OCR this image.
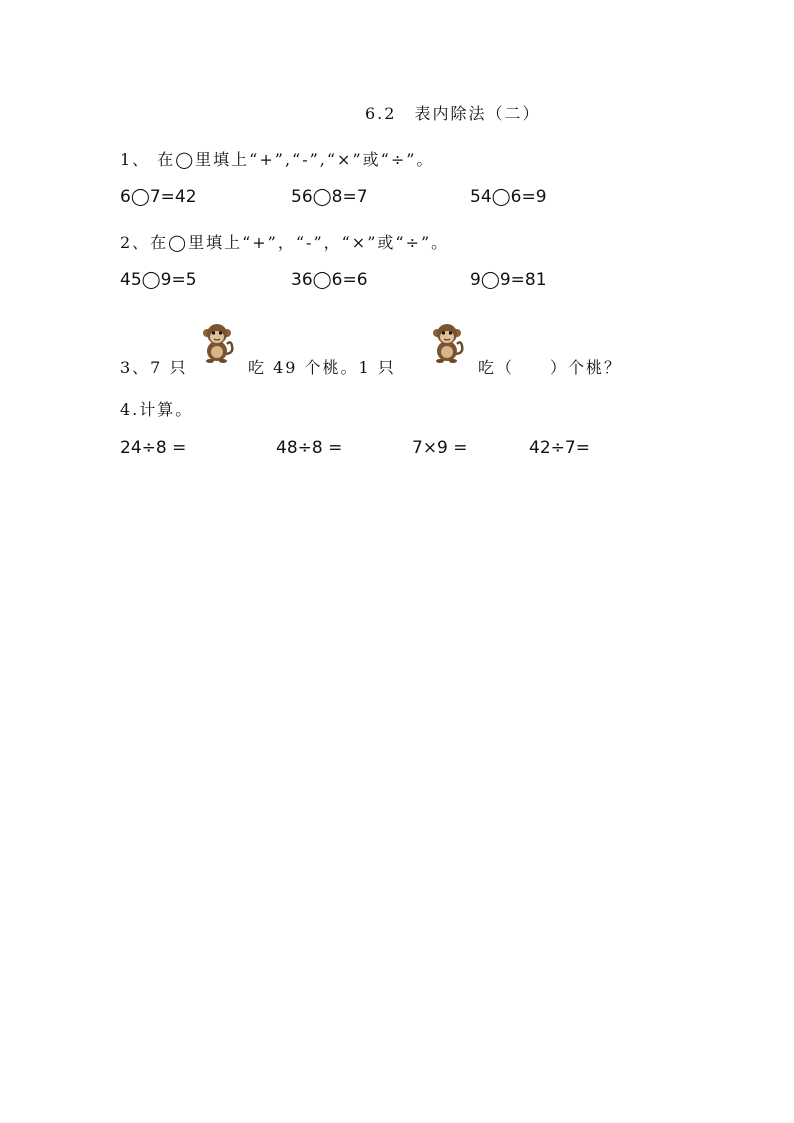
6.2　表内除法（二）
1、 在◯里填上“+”,“-”,“×”或“÷”。
6◯7=42	56◯8=7	54◯6=9
2、在◯里填上“+”，“-”，“×”或“÷”。
45◯9=5	36◯6=6	9◯9=81
3、7 只	吃 49 个桃。1 只	吃（　　）个桃？
4.计算。
24÷8 =	48÷8 =	7×9 =	42÷7=
